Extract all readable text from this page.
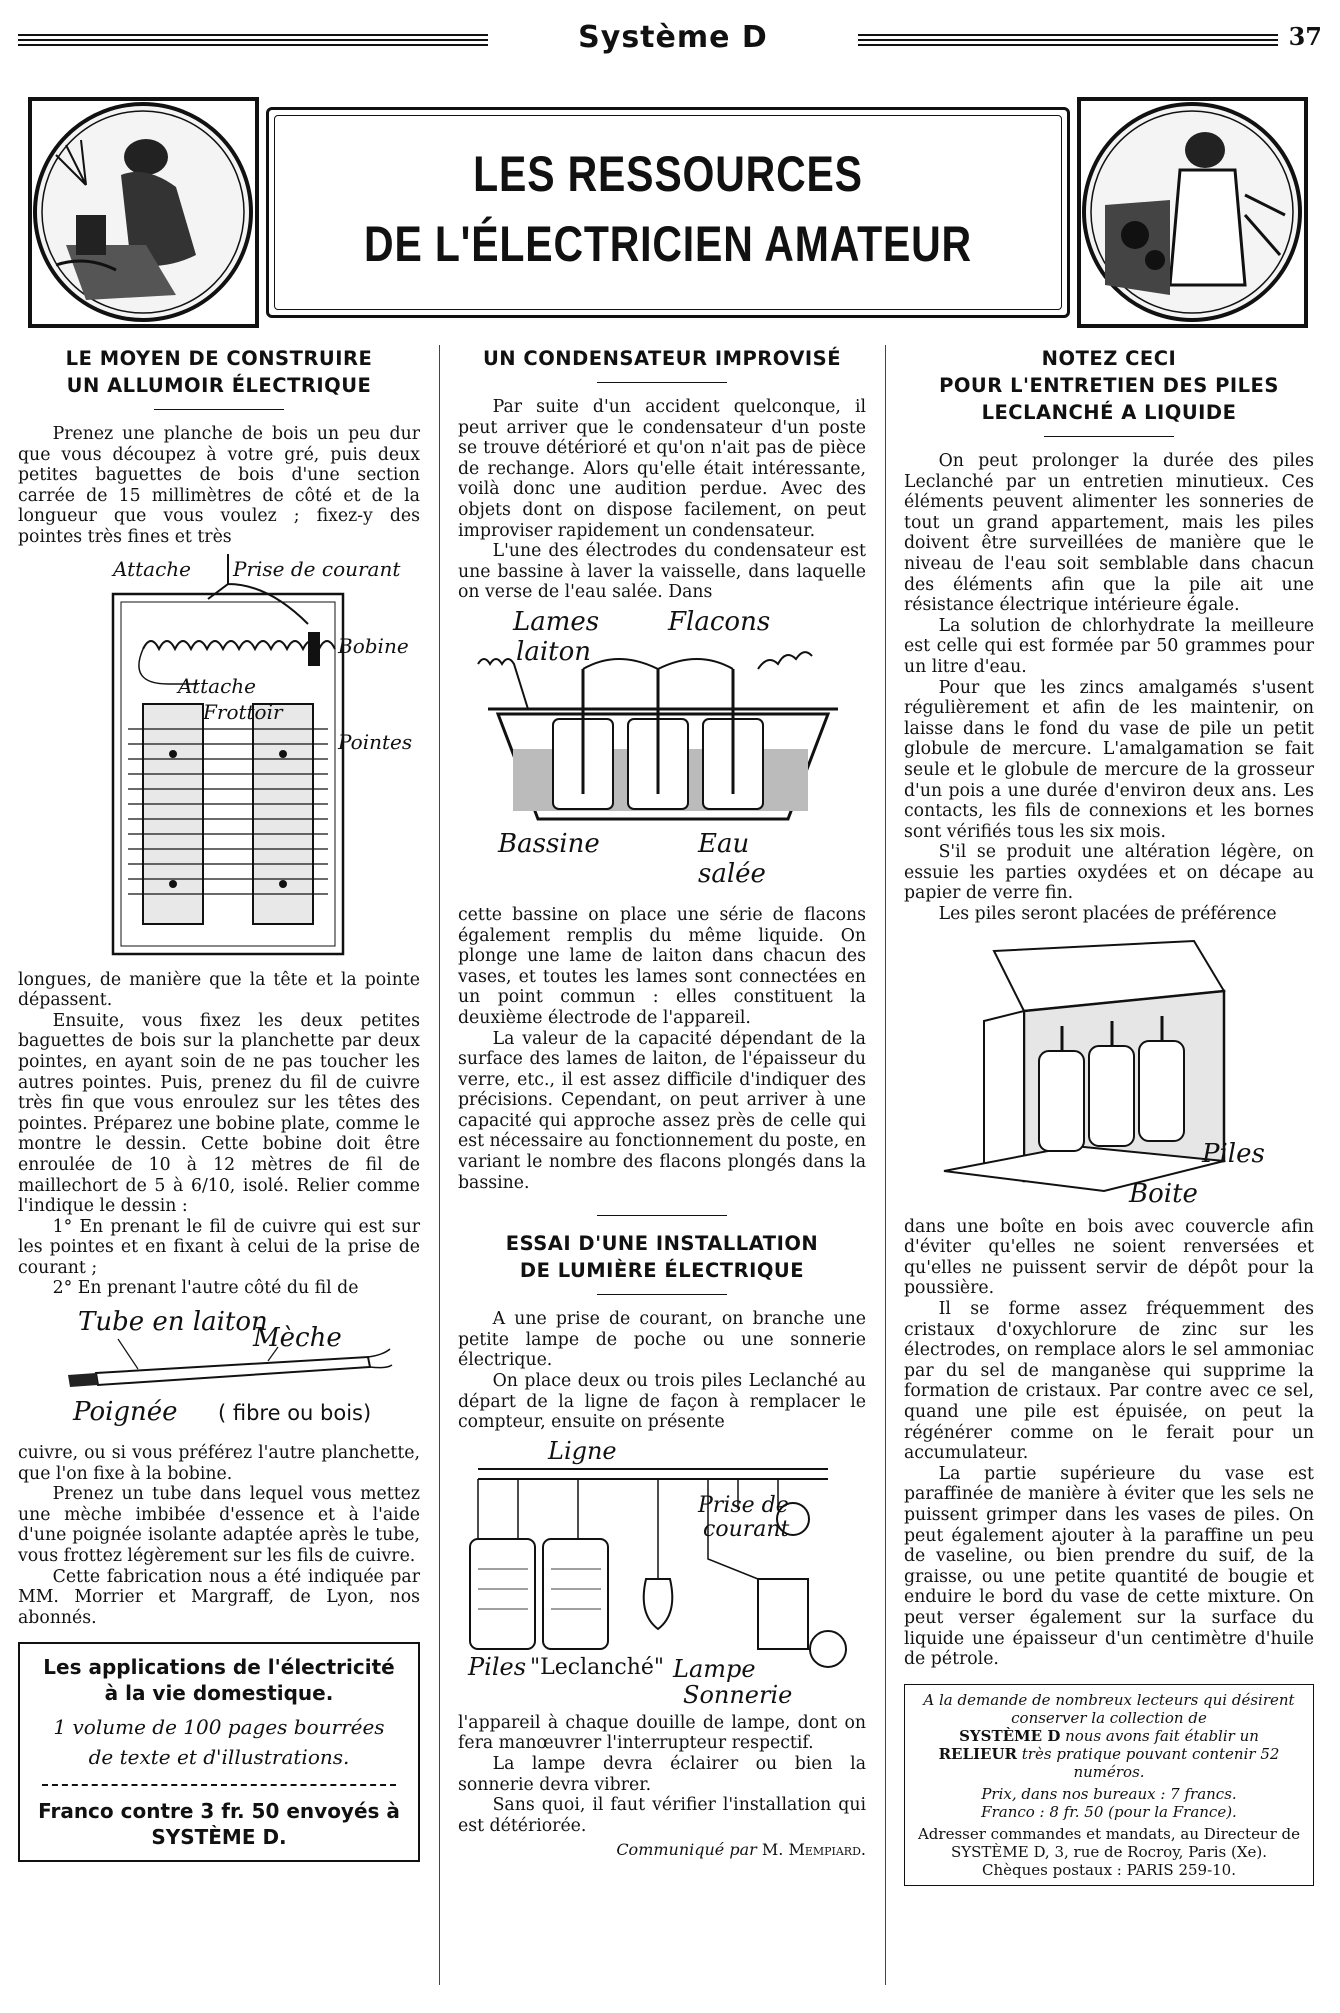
Système D	37
LES RESSOURCES
DE L'ÉLECTRICIEN AMATEUR
LE MOYEN DE CONSTRUIRE
UN ALLUMOIR ÉLECTRIQUE

Prenez une planche de bois un peu dur que vous découpez à votre gré, puis deux petites baguettes de bois d'une section carrée de 15 millimètres de côté et de la longueur que vous voulez ; fixez-y des pointes très fines et très

Attache Prise de courant
Bobine
Attache
Frottoir
Pointes

longues, de manière que la tête et la pointe dépassent.

Ensuite, vous fixez les deux petites baguettes de bois sur la planchette par deux pointes, en ayant soin de ne pas toucher les autres pointes. Puis, prenez du fil de cuivre très fin que vous enroulez sur les têtes des pointes. Préparez une bobine plate, comme le montre le dessin. Cette bobine doit être enroulée de 10 à 12 mètres de fil de maillechort de 5 à 6/10, isolé. Relier comme l'indique le dessin :

1° En prenant le fil de cuivre qui est sur les pointes et en fixant à celui de la prise de courant ;

2° En prenant l'autre côté du fil de

Tube en laiton
Mèche
Poignée ( fibre ou bois)

cuivre, ou si vous préférez l'autre planchette, que l'on fixe à la bobine.

Prenez un tube dans lequel vous mettez une mèche imbibée d'essence et à l'aide d'une poignée isolante adaptée après le tube, vous frottez légèrement sur les fils de cuivre.

Cette fabrication nous a été indiquée par MM. Morrier et Margraff, de Lyon, nos abonnés.

Les applications de l'électricité
à la vie domestique.
1 volume de 100 pages bourrées
de texte et d'illustrations.
Franco contre 3 fr. 50 envoyés à
SYSTÈME D.
UN CONDENSATEUR IMPROVISÉ

Par suite d'un accident quelconque, il peut arriver que le condensateur d'un poste se trouve détérioré et qu'on n'ait pas de pièce de rechange. Alors qu'elle était intéressante, voilà donc une audition perdue. Avec des objets dont on dispose facilement, on peut improviser rapidement un condensateur.

L'une des électrodes du condensateur est une bassine à laver la vaisselle, dans laquelle on verse de l'eau salée. Dans

Lames
laiton
Flacons
Bassine	Eau
salée

cette bassine on place une série de flacons également remplis du même liquide. On plonge une lame de laiton dans chacun des vases, et toutes les lames sont connectées en un point commun : elles constituent la deuxième électrode de l'appareil.

La valeur de la capacité dépendant de la surface des lames de laiton, de l'épaisseur du verre, etc., il est assez difficile d'indiquer des précisions. Cependant, on peut arriver à une capacité qui approche assez près de celle qui est nécessaire au fonctionnement du poste, en variant le nombre des flacons plongés dans la bassine.

ESSAI D'UNE INSTALLATION
DE LUMIÈRE ÉLECTRIQUE

A une prise de courant, on branche une petite lampe de poche ou une sonnerie électrique.

On place deux ou trois piles Leclanché au départ de la ligne de façon à remplacer le compteur, ensuite on présente

Ligne
Prise de
courant
Piles "Leclanché" Lampe
Sonnerie

l'appareil à chaque douille de lampe, dont on fera manœuvrer l'interrupteur respectif.

La lampe devra éclairer ou bien la sonnerie devra vibrer.

Sans quoi, il faut vérifier l'installation qui est détériorée.

Communiqué par M. Mempiard.

NOTEZ CECI
POUR L'ENTRETIEN DES PILES
LECLANCHÉ A LIQUIDE

On peut prolonger la durée des piles Leclanché par un entretien minutieux. Ces éléments peuvent alimenter les sonneries de tout un grand appartement, mais les piles doivent être surveillées de manière que le niveau de l'eau soit semblable dans chacun des éléments afin que la pile ait une résistance électrique intérieure égale.

La solution de chlorhydrate la meilleure est celle qui est formée par 50 grammes pour un litre d'eau.

Pour que les zincs amalgamés s'usent régulièrement et afin de les maintenir, on laisse dans le fond du vase de pile un petit globule de mercure. L'amalgamation se fait seule et le globule de mercure de la grosseur d'un pois a une durée d'environ deux ans. Les contacts, les fils de connexions et les bornes sont vérifiés tous les six mois.

S'il se produit une altération légère, on essuie les parties oxydées et on décape au papier de verre fin.

Les piles seront placées de préférence

Piles
Boite

dans une boîte en bois avec couvercle afin d'éviter qu'elles ne soient renversées et qu'elles ne puissent servir de dépôt pour la poussière.

Il se forme assez fréquemment des cristaux d'oxychlorure de zinc sur les électrodes, on remplace alors le sel ammoniac par du sel de manganèse qui supprime la formation de cristaux. Par contre avec ce sel, quand une pile est épuisée, on peut la régénérer comme on le ferait pour un accumulateur.

La partie supérieure du vase est paraffinée de manière à éviter que les sels ne puissent grimper dans les vases de piles. On peut également ajouter à la paraffine un peu de vaseline, ou bien prendre du suif, de la graisse, ou une petite quantité de bougie et enduire le bord du vase de cette mixture. On peut verser également sur la surface du liquide une épaisseur d'un centimètre d'huile de pétrole.

A la demande de nombreux lecteurs qui désirent conserver la collection de
SYSTÈME D nous avons fait établir un
RELIEUR très pratique pouvant contenir 52 numéros.
Prix, dans nos bureaux : 7 francs.
Franco : 8 fr. 50 (pour la France).
Adresser commandes et mandats, au Directeur de SYSTÈME D, 3, rue de Rocroy, Paris (Xe).
Chèques postaux : PARIS 259-10.
